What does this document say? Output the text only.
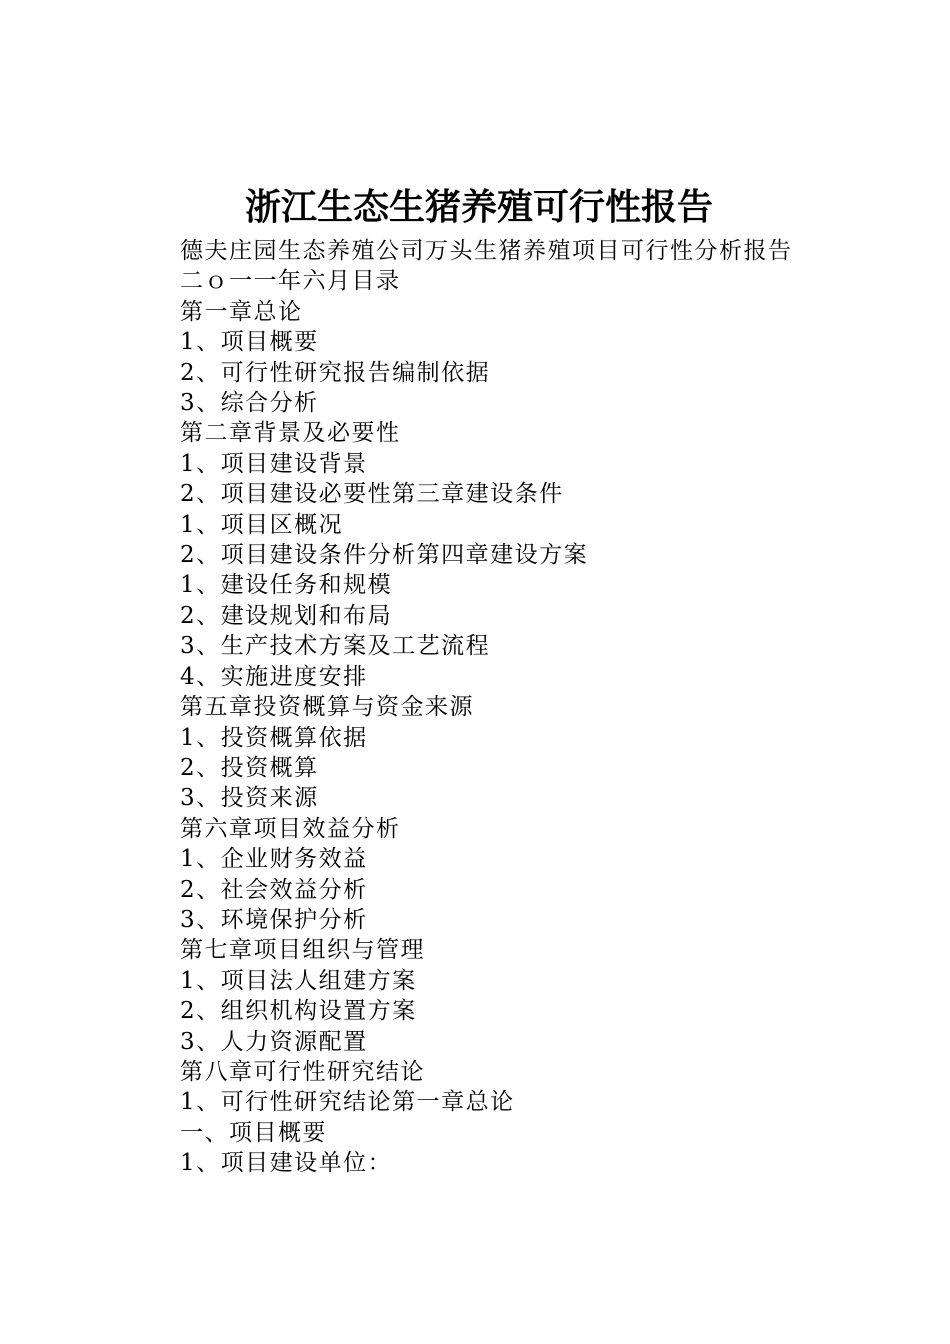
浙江生态生猪养殖可行性报告
德夫庄园生态养殖公司万头生猪养殖项目可行性分析报告
二ｏ一一年六月目录
第一章总论
1、项目概要
2、可行性研究报告编制依据
3、综合分析
第二章背景及必要性
1、项目建设背景
2、项目建设必要性第三章建设条件
1、项目区概况
2、项目建设条件分析第四章建设方案
1、建设任务和规模
2、建设规划和布局
3、生产技术方案及工艺流程
4、实施进度安排
第五章投资概算与资金来源
1、投资概算依据
2、投资概算
3、投资来源
第六章项目效益分析
1、企业财务效益
2、社会效益分析
3、环境保护分析
第七章项目组织与管理
1、项目法人组建方案
2、组织机构设置方案
3、人力资源配置
第八章可行性研究结论
1、可行性研究结论第一章总论
一、项目概要
1、项目建设单位：
